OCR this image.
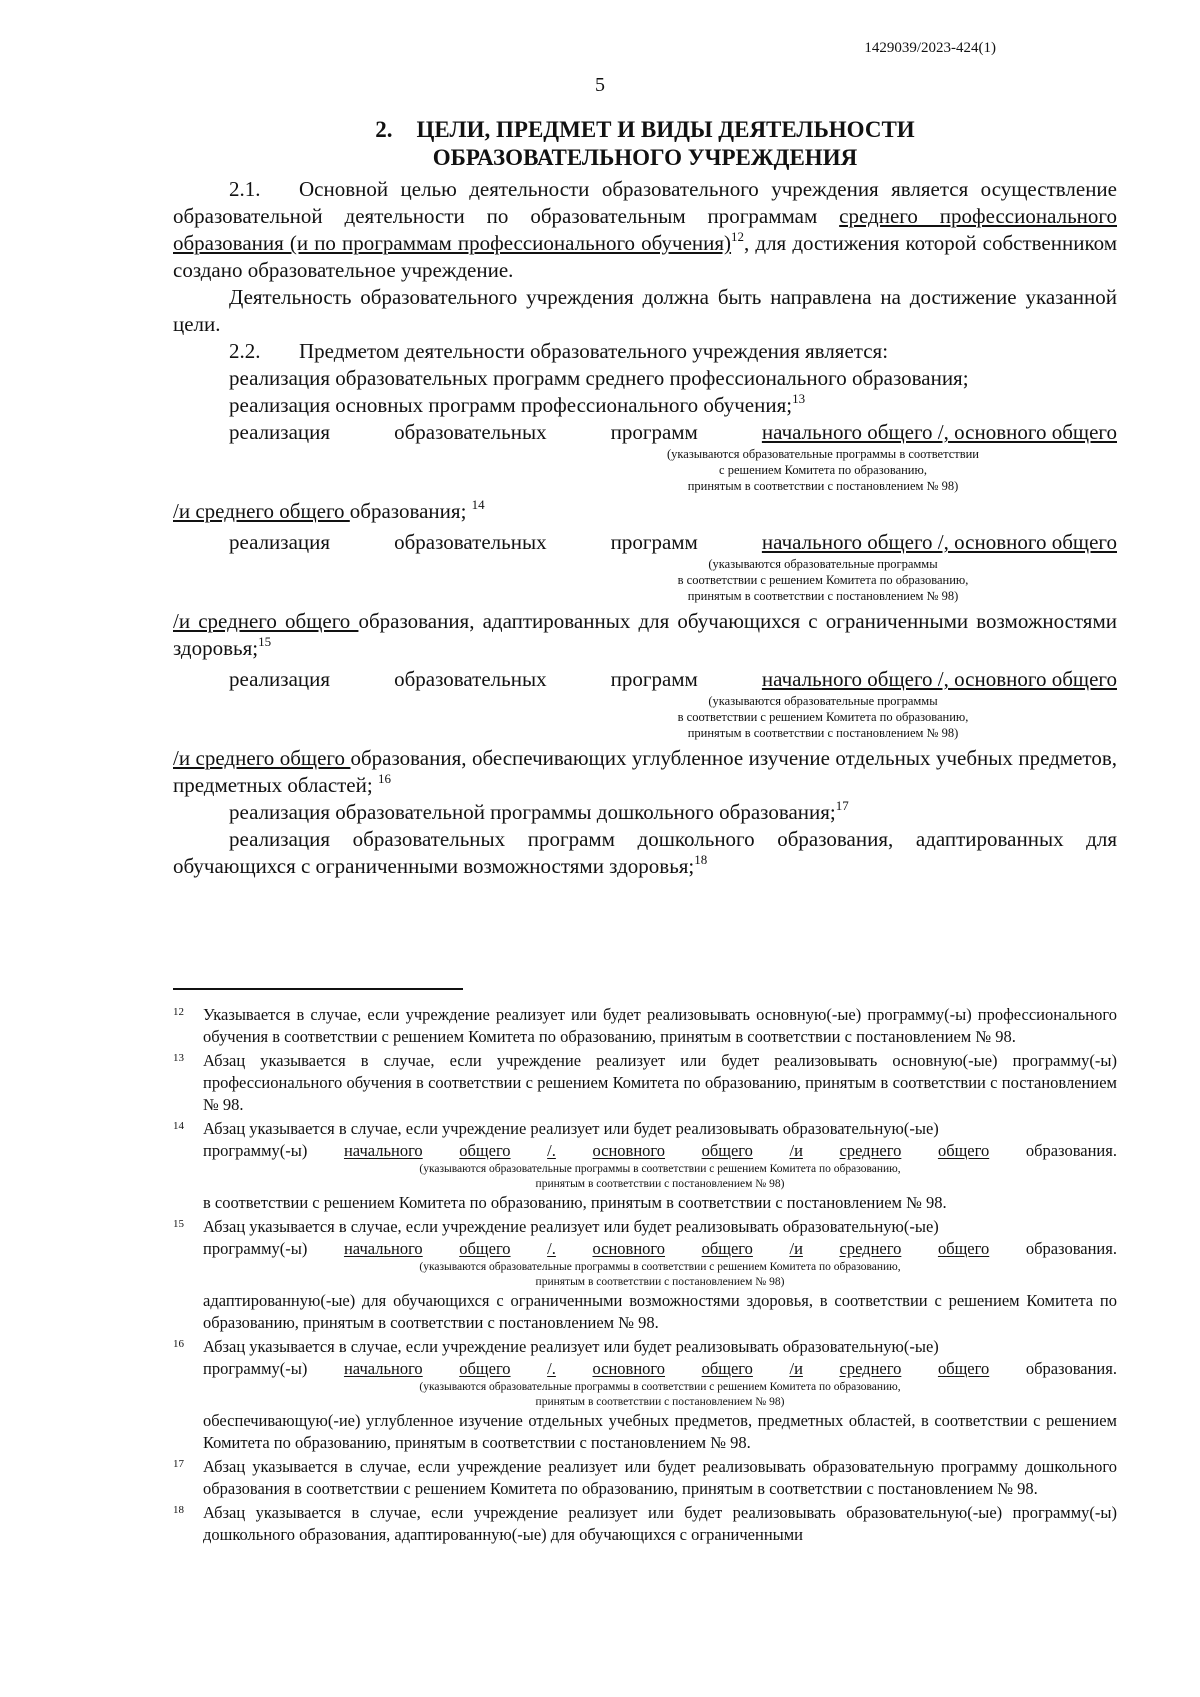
1429039/2023-424(1)
5
2. ЦЕЛИ, ПРЕДМЕТ И ВИДЫ ДЕЯТЕЛЬНОСТИ
ОБРАЗОВАТЕЛЬНОГО УЧРЕЖДЕНИЯ

2.1. Основной целью деятельности образовательного учреждения является осуществление образовательной деятельности по образовательным программам среднего профессионального образования (и по программам профессионального обучения)$^{12}$, для достижения которой собственником создано образовательное учреждение.

Деятельность образовательного учреждения должна быть направлена на достижение указанной цели.

2.2. Предметом деятельности образовательного учреждения является:

реализация образовательных программ среднего профессионального образования;

реализация основных программ профессионального обучения;$^{13}$

реализация	образовательных	программ	начального общего /, основного общего
(указываются образовательные программы в соответствии
с решением Комитета по образованию,
принятым в соответствии с постановлением № 98)

/и среднего общего образования; $^{14}$

реализация	образовательных	программ	начального общего /, основного общего
(указываются образовательные программы
в соответствии с решением Комитета по образованию,
принятым в соответствии с постановлением № 98)

/и среднего общего образования, адаптированных для обучающихся с ограниченными возможностями здоровья;$^{15}$

реализация	образовательных	программ	начального общего /, основного общего
(указываются образовательные программы
в соответствии с решением Комитета по образованию,
принятым в соответствии с постановлением № 98)

/и среднего общего образования, обеспечивающих углубленное изучение отдельных учебных предметов, предметных областей; $^{16}$

реализация образовательной программы дошкольного образования;$^{17}$

реализация образовательных программ дошкольного образования, адаптированных для обучающихся с ограниченными возможностями здоровья;$^{18}$

12 Указывается в случае, если учреждение реализует или будет реализовывать основную(-ые) программу(-ы) профессионального обучения в соответствии с решением Комитета по образованию, принятым в соответствии с постановлением № 98.
13 Абзац указывается в случае, если учреждение реализует или будет реализовывать основную(-ые) программу(-ы) профессионального обучения в соответствии с решением Комитета по образованию, принятым в соответствии с постановлением № 98.
14 Абзац указывается в случае, если учреждение реализует или будет реализовывать образовательную(-ые)
программу(-ы) начального общего /. основного общего /и среднего общего образования.
(указываются образовательные программы в соответствии с решением Комитета по образованию,
принятым в соответствии с постановлением № 98)
в соответствии с решением Комитета по образованию, принятым в соответствии с постановлением № 98.
15 Абзац указывается в случае, если учреждение реализует или будет реализовывать образовательную(-ые)
программу(-ы) начального общего /. основного общего /и среднего общего образования.
(указываются образовательные программы в соответствии с решением Комитета по образованию,
принятым в соответствии с постановлением № 98)
адаптированную(-ые) для обучающихся с ограниченными возможностями здоровья, в соответствии с решением Комитета по образованию, принятым в соответствии с постановлением № 98.
16 Абзац указывается в случае, если учреждение реализует или будет реализовывать образовательную(-ые)
программу(-ы) начального общего /. основного общего /и среднего общего образования.
(указываются образовательные программы в соответствии с решением Комитета по образованию,
принятым в соответствии с постановлением № 98)
обеспечивающую(-ие) углубленное изучение отдельных учебных предметов, предметных областей, в соответствии с решением Комитета по образованию, принятым в соответствии с постановлением № 98.
17 Абзац указывается в случае, если учреждение реализует или будет реализовывать образовательную программу дошкольного образования в соответствии с решением Комитета по образованию, принятым в соответствии с постановлением № 98.
18 Абзац указывается в случае, если учреждение реализует или будет реализовывать образовательную(-ые) программу(-ы) дошкольного образования, адаптированную(-ые) для обучающихся с ограниченными
